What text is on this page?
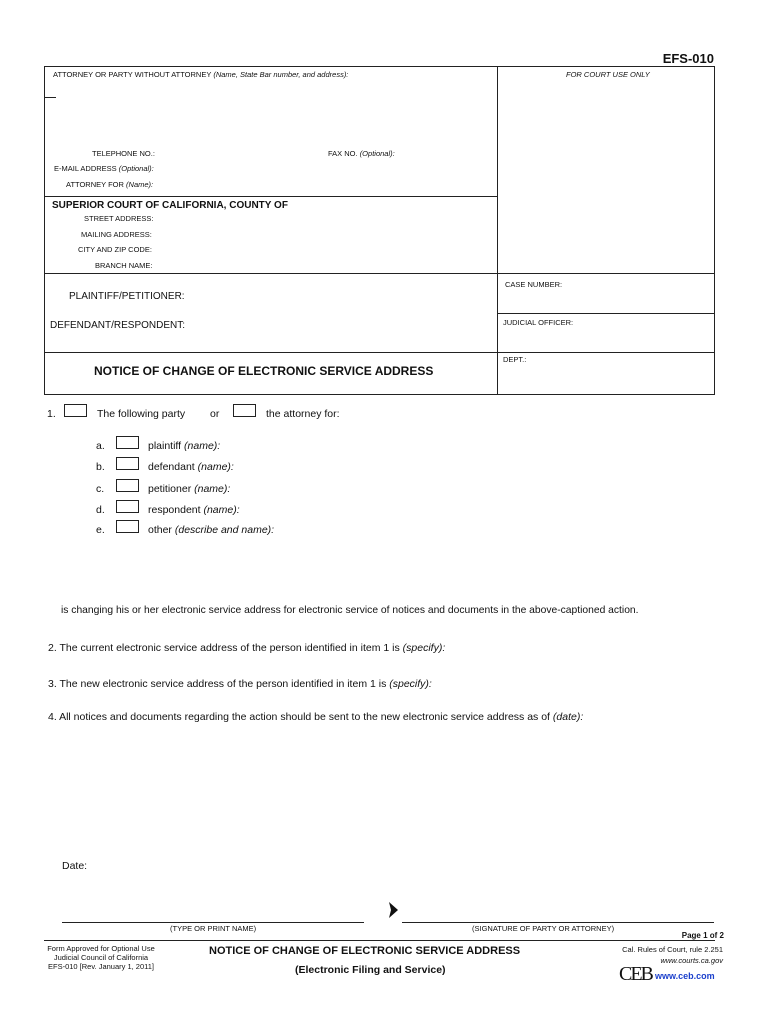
EFS-010
ATTORNEY OR PARTY WITHOUT ATTORNEY (Name, State Bar number, and address):	FOR COURT USE ONLY
TELEPHONE NO.:	FAX NO. (Optional):
E-MAIL ADDRESS (Optional):
ATTORNEY FOR (Name):
SUPERIOR COURT OF CALIFORNIA, COUNTY OF
STREET ADDRESS:
MAILING ADDRESS:
CITY AND ZIP CODE:
BRANCH NAME:
PLAINTIFF/PETITIONER:
DEFENDANT/RESPONDENT:
CASE NUMBER:
JUDICIAL OFFICER:
DEPT.:
NOTICE OF CHANGE OF ELECTRONIC SERVICE ADDRESS
1.	The following party or	the attorney for:
a.	plaintiff (name):
b.	defendant (name):
c.	petitioner (name):
d.	respondent (name):
e.	other (describe and name):
is changing his or her electronic service address for electronic service of notices and documents in the above-captioned action.
2. The current electronic service address of the person identified in item 1 is (specify):
3. The new electronic service address of the person identified in item 1 is (specify):
4. All notices and documents regarding the action should be sent to the new electronic service address as of (date):
Date:
(TYPE OR PRINT NAME)	(SIGNATURE OF PARTY OR ATTORNEY)
Page 1 of 2
Form Approved for Optional Use
Judicial Council of California
EFS-010 [Rev. January 1, 2011]
NOTICE OF CHANGE OF ELECTRONIC SERVICE ADDRESS
(Electronic Filing and Service)
Cal. Rules of Court, rule 2.251
www.courts.ca.gov
CEB www.ceb.com
